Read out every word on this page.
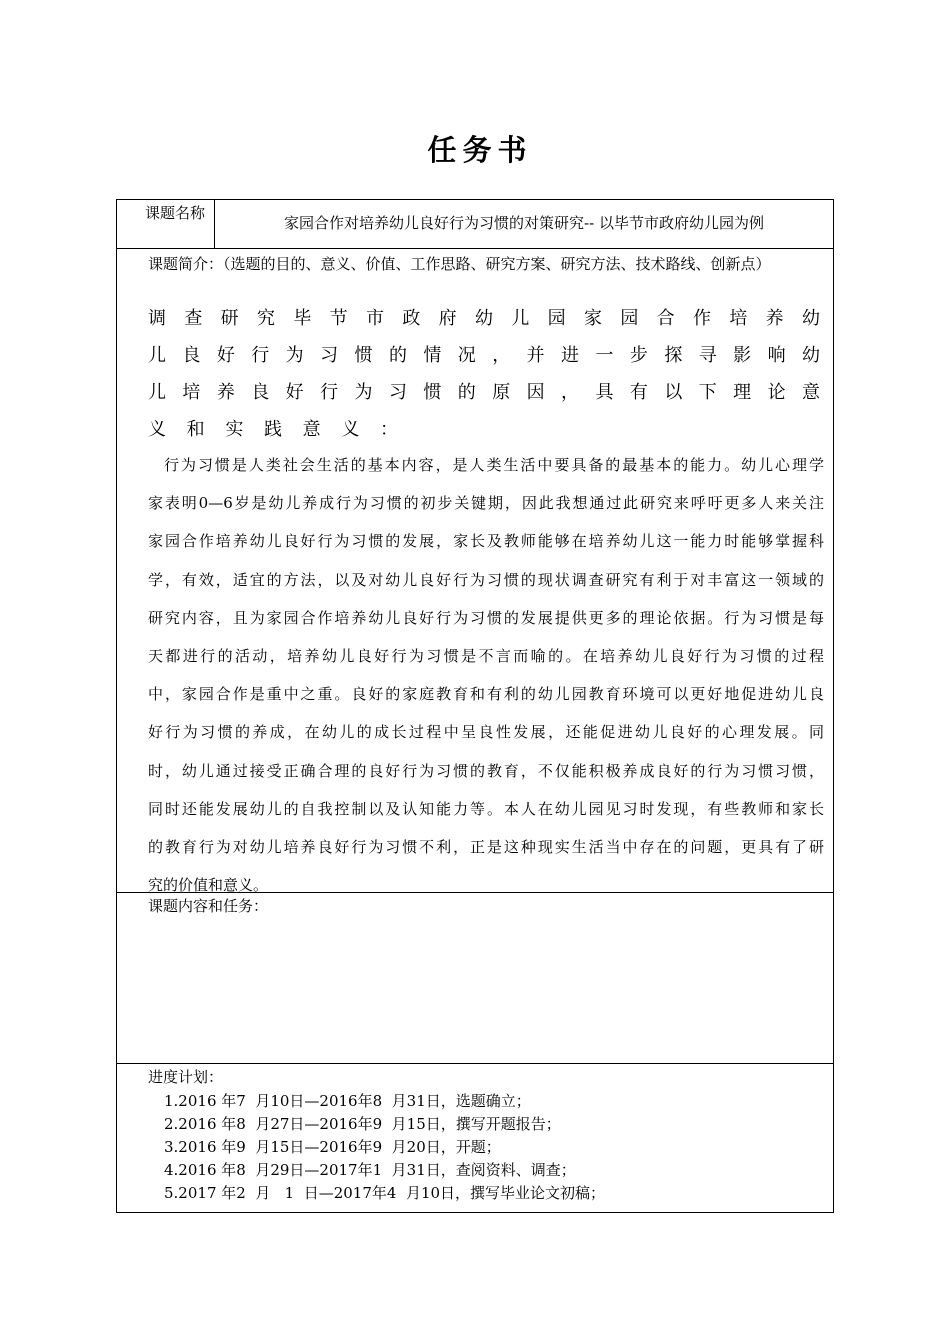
任务书
课题名称
家园合作对培养幼儿良好行为习惯的对策研究-- 以毕节市政府幼儿园为例
课题简介：（选题的目的、意义、价值、工作思路、研究方案、研究方法、技术路线、创新点）
调查研究毕节市政府幼儿园家园合作培养幼
儿良好行为习惯的情况，并进一步探寻影响幼
儿培养良好行为习惯的原因，具有以下理论意
义和实践意义：
行为习惯是人类社会生活的基本内容，是人类生活中要具备的最基本的能力。幼儿心理学
家表明0—6岁是幼儿养成行为习惯的初步关键期，因此我想通过此研究来呼吁更多人来关注
家园合作培养幼儿良好行为习惯的发展，家长及教师能够在培养幼儿这一能力时能够掌握科
学，有效，适宜的方法，以及对幼儿良好行为习惯的现状调查研究有利于对丰富这一领域的
研究内容，且为家园合作培养幼儿良好行为习惯的发展提供更多的理论依据。行为习惯是每
天都进行的活动，培养幼儿良好行为习惯是不言而喻的。在培养幼儿良好行为习惯的过程
中，家园合作是重中之重。良好的家庭教育和有利的幼儿园教育环境可以更好地促进幼儿良
好行为习惯的养成，在幼儿的成长过程中呈良性发展，还能促进幼儿良好的心理发展。同
时，幼儿通过接受正确合理的良好行为习惯的教育，不仅能积极养成良好的行为习惯习惯，
同时还能发展幼儿的自我控制以及认知能力等。本人在幼儿园见习时发现，有些教师和家长
的教育行为对幼儿培养良好行为习惯不利，正是这种现实生活当中存在的问题，更具有了研
究的价值和意义。
课题内容和任务：
进度计划：
1.2016 年7  月10日—2016年8  月31日，选题确立；
2.2016 年8  月27日—2016年9  月15日，撰写开题报告；
3.2016 年9  月15日—2016年9  月20日，开题；
4.2016 年8  月29日—2017年1  月31日，查阅资料、调查；
5.2017 年2  月   1  日—2017年4  月10日，撰写毕业论文初稿；
